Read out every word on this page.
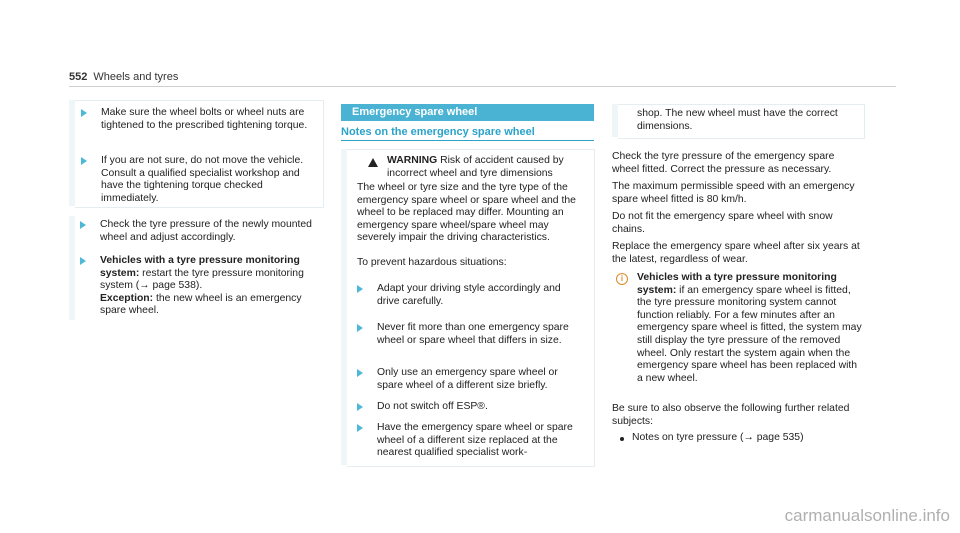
552 Wheels and tyres

Make sure the wheel bolts or wheel nuts are tightened to the prescribed tightening torque.

If you are not sure, do not move the vehicle. Consult a qualified specialist workshop and have the tightening torque checked immediately.

Check the tyre pressure of the newly mounted wheel and adjust accordingly.

Vehicles with a tyre pressure monitoring system: restart the tyre pressure monitoring system (→ page 538).
Exception: the new wheel is an emergency spare wheel.

Emergency spare wheel
Notes on the emergency spare wheel

WARNING Risk of accident caused by incorrect wheel and tyre dimensions

The wheel or tyre size and the tyre type of the emergency spare wheel or spare wheel and the wheel to be replaced may differ. Mounting an emergency spare wheel/spare wheel may severely impair the driving characteristics.

To prevent hazardous situations:

Adapt your driving style accordingly and drive carefully.

Never fit more than one emergency spare wheel or spare wheel that differs in size.

Only use an emergency spare wheel or spare wheel of a different size briefly.

Do not switch off ESP®.

Have the emergency spare wheel or spare wheel of a different size replaced at the nearest qualified specialist work-

shop. The new wheel must have the correct dimensions.

Check the tyre pressure of the emergency spare wheel fitted. Correct the pressure as necessary.

The maximum permissible speed with an emergency spare wheel fitted is 80 km/h.

Do not fit the emergency spare wheel with snow chains.

Replace the emergency spare wheel after six years at the latest, regardless of wear.

i	Vehicles with a tyre pressure monitoring system: if an emergency spare wheel is fitted, the tyre pressure monitoring system cannot function reliably. For a few minutes after an emergency spare wheel is fitted, the system may still display the tyre pressure of the removed wheel. Only restart the system again when the emergency spare wheel has been replaced with a new wheel.

Be sure to also observe the following further related subjects:

Notes on tyre pressure (→ page 535)

carmanualsonline.info
